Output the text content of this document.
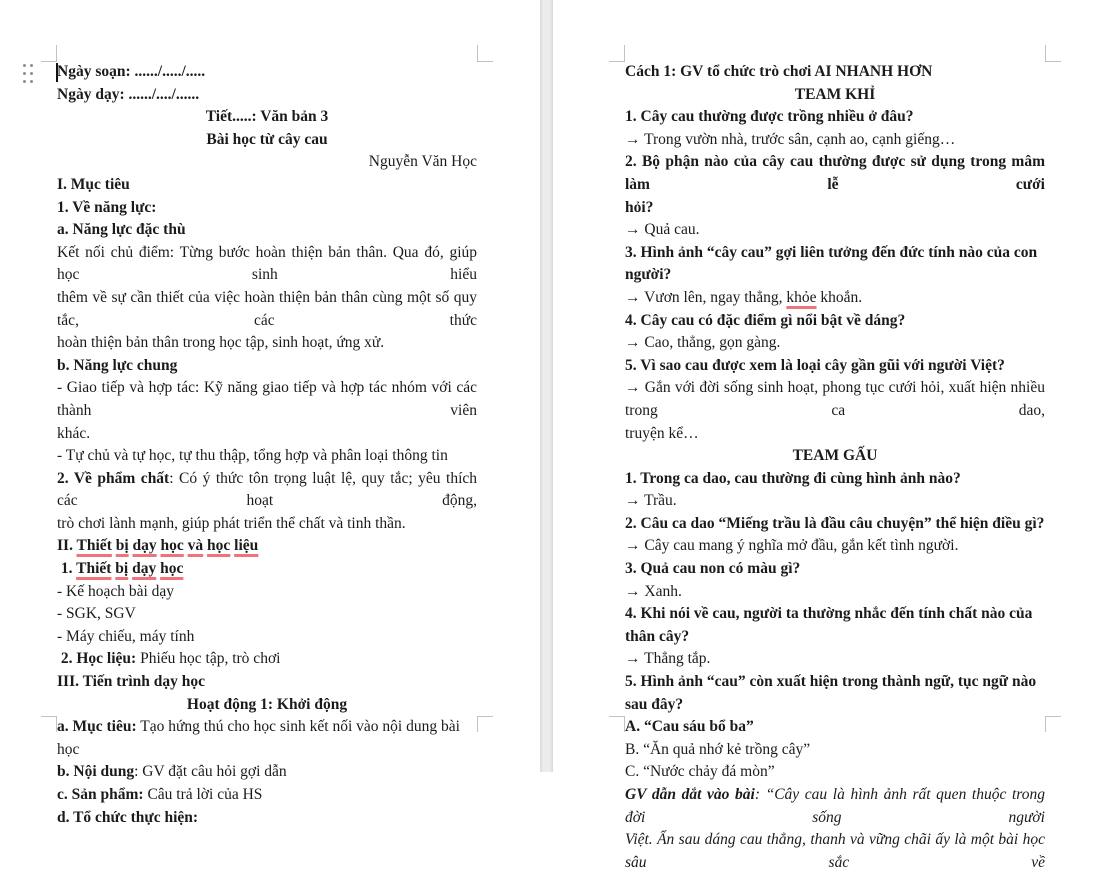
Ngày soạn: ....../...../.....
Ngày dạy: ....../..../......
Tiết.....: Văn bản 3
Bài học từ cây cau
Nguyễn Văn Học
I. Mục tiêu
1. Về năng lực:
a. Năng lực đặc thù
Kết nối chủ điểm: Từng bước hoàn thiện bản thân. Qua đó, giúp học sinh hiểu
thêm về sự cần thiết của việc hoàn thiện bản thân cùng một số quy tắc, các thức
hoàn thiện bản thân trong học tập, sinh hoạt, ứng xử.
b. Năng lực chung
- Giao tiếp và hợp tác: Kỹ năng giao tiếp và hợp tác nhóm với các thành viên
khác.
- Tự chủ và tự học, tự thu thập, tổng hợp và phân loại thông tin
2. Về phẩm chất: Có ý thức tôn trọng luật lệ, quy tắc; yêu thích các hoạt động,
trò chơi lành mạnh, giúp phát triển thể chất và tinh thần.
II. Thiết bị dạy học và học liệu
1. Thiết bị dạy học
- Kế hoạch bài dạy
- SGK, SGV
- Máy chiếu, máy tính
2. Học liệu: Phiếu học tập, trò chơi
III. Tiến trình dạy học
Hoạt động 1: Khởi động
a. Mục tiêu: Tạo hứng thú cho học sinh kết nối vào nội dung bài học
b. Nội dung: GV đặt câu hỏi gợi dẫn
c. Sản phẩm: Câu trả lời của HS
d. Tổ chức thực hiện:
Cách 1: GV tổ chức trò chơi AI NHANH HƠN
TEAM KHỈ
1. Cây cau thường được trồng nhiều ở đâu?
→ Trong vườn nhà, trước sân, cạnh ao, cạnh giếng…
2. Bộ phận nào của cây cau thường được sử dụng trong mâm làm lễ cưới
hỏi?
→ Quả cau.
3. Hình ảnh “cây cau” gợi liên tưởng đến đức tính nào của con người?
→ Vươn lên, ngay thẳng, khỏe khoắn.
4. Cây cau có đặc điểm gì nổi bật về dáng?
→ Cao, thẳng, gọn gàng.
5. Vì sao cau được xem là loại cây gần gũi với người Việt?
→ Gắn với đời sống sinh hoạt, phong tục cưới hỏi, xuất hiện nhiều trong ca dao,
truyện kể…
TEAM GẤU
1. Trong ca dao, cau thường đi cùng hình ảnh nào?
→ Trầu.
2. Câu ca dao “Miếng trầu là đầu câu chuyện” thể hiện điều gì?
→ Cây cau mang ý nghĩa mở đầu, gắn kết tình người.
3. Quả cau non có màu gì?
→ Xanh.
4. Khi nói về cau, người ta thường nhắc đến tính chất nào của thân cây?
→ Thẳng tắp.
5. Hình ảnh “cau” còn xuất hiện trong thành ngữ, tục ngữ nào sau đây?
A. “Cau sáu bổ ba”
B. “Ăn quả nhớ kẻ trồng cây”
C. “Nước chảy đá mòn”
GV dẫn dắt vào bài: “Cây cau là hình ảnh rất quen thuộc trong đời sống người
Việt. Ẩn sau dáng cau thẳng, thanh và vững chãi ấy là một bài học sâu sắc về
